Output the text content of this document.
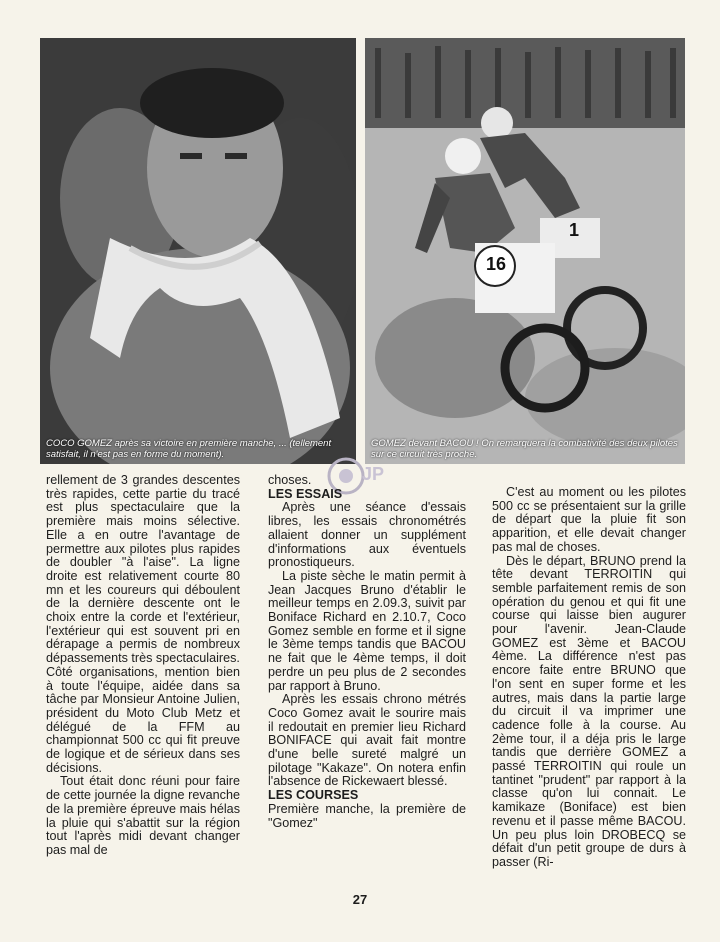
COCO GOMEZ après sa victoire en première manche, ... (tellement satisfait, il n'est pas en forme du moment).
16
1
GOMEZ devant BACOU ! On remarquera la combativité des deux pilotes sur ce circuit très proche.
JP

rellement de 3 grandes descentes très rapides, cette partie du tracé est plus spectaculaire que la première mais moins sélective. Elle a en outre l'avantage de permettre aux pilotes plus rapides de doubler "à l'aise". La ligne droite est relativement courte 80 mn et les coureurs qui déboulent de la dernière descente ont le choix entre la corde et l'extérieur, l'extérieur qui est souvent pri en dérapage a permis de nombreux dépassements très spectaculaires.

Côté organisations, mention bien à toute l'équipe, aidée dans sa tâche par Monsieur Antoine Julien, président du Moto Club Metz et délégué de la FFM au championnat 500 cc qui fit preuve de logique et de sérieux dans ses décisions.

Tout était donc réuni pour faire de cette journée la digne revanche de la première épreuve mais hélas la pluie qui s'abattit sur la région tout l'après midi devant changer pas mal de

choses.

LES ESSAIS

Après une séance d'essais libres, les essais chronométrés allaient donner un supplément d'informations aux éventuels pronostiqueurs.

La piste sèche le matin permit à Jean Jacques Bruno d'établir le meilleur temps en 2.09.3, suivit par Boniface Richard en 2.10.7, Coco Gomez semble en forme et il signe le 3ème temps tandis que BACOU ne fait que le 4ème temps, il doit perdre un peu plus de 2 secondes par rapport à Bruno.

Après les essais chrono métrés Coco Gomez avait le sourire mais il redoutait en premier lieu Richard BONIFACE qui avait fait montre d'une belle sureté malgré un pilotage "Kakaze". On notera enfin l'absence de Rickewaert blessé.

LES COURSES

Première manche, la première de "Gomez"

C'est au moment ou les pilotes 500 cc se présentaient sur la grille de départ que la pluie fit son apparition, et elle devait changer pas mal de choses.

Dès le départ, BRUNO prend la tête devant TERROITIN qui semble parfaitement remis de son opération du genou et qui fit une course qui laisse bien augurer pour l'avenir. Jean-Claude GOMEZ est 3ème et BACOU 4ème. La différence n'est pas encore faite entre BRUNO que l'on sent en super forme et les autres, mais dans la partie large du circuit il va imprimer une cadence folle à la course. Au 2ème tour, il a déja pris le large tandis que derrière GOMEZ a passé TERROITIN qui roule un tantinet "prudent" par rapport à la classe qu'on lui connait. Le kamikaze (Boniface) est bien revenu et il passe même BACOU. Un peu plus loin DROBECQ se défait d'un petit groupe de durs à passer (Ri-

27
